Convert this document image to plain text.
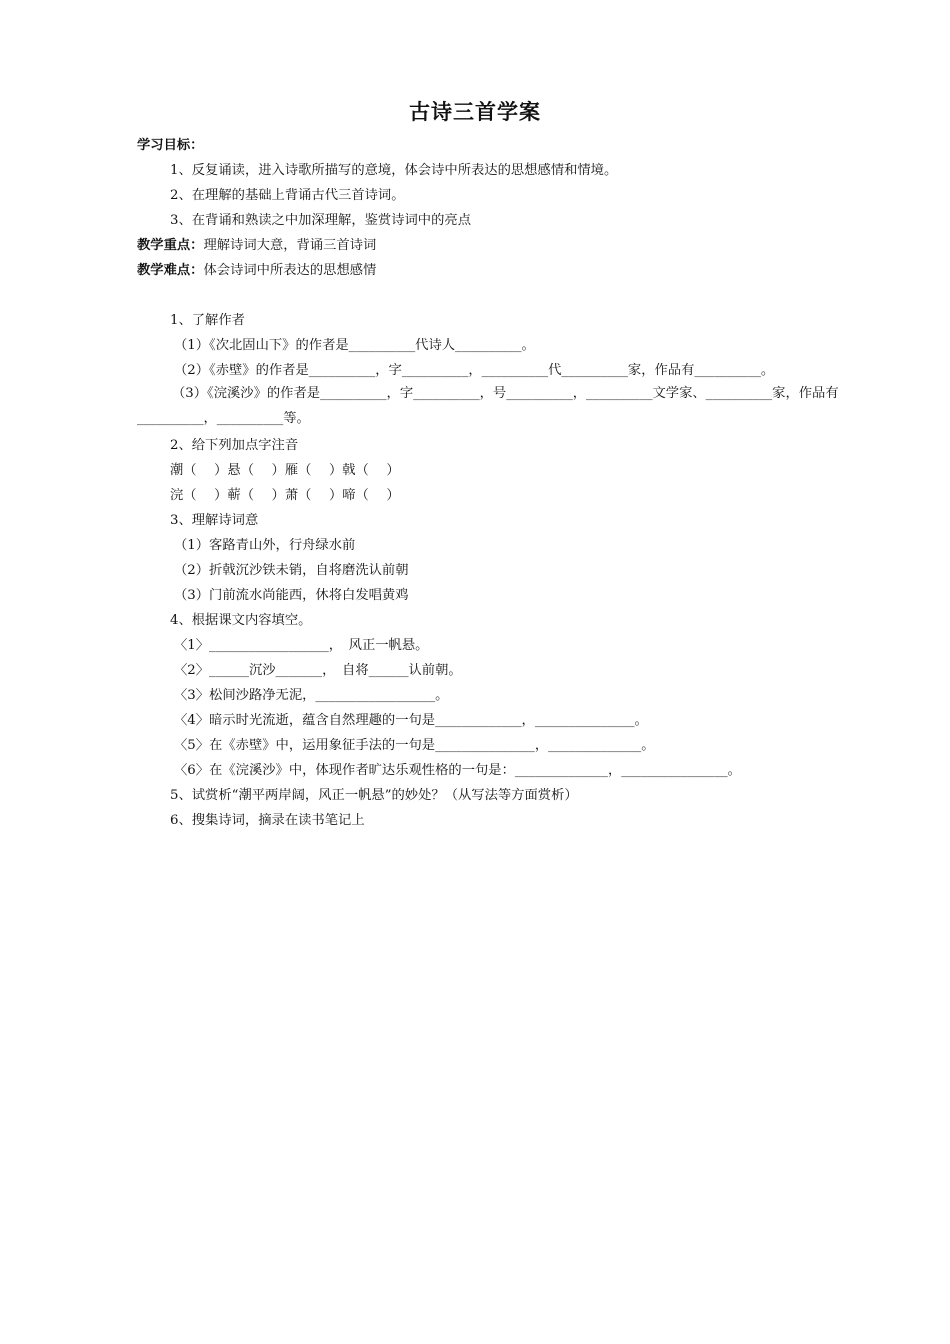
古诗三首学案
学习目标：
1、反复诵读，进入诗歌所描写的意境，体会诗中所表达的思想感情和情境。
2、在理解的基础上背诵古代三首诗词。
3、在背诵和熟读之中加深理解，鉴赏诗词中的亮点
教学重点：理解诗词大意，背诵三首诗词
教学难点：体会诗词中所表达的思想感情
1、了解作者
（1）《次北固山下》的作者是__________代诗人__________。
（2）《赤壁》的作者是__________，字__________，__________代__________家，作品有__________。
（3）《浣溪沙》的作者是__________，字__________，号__________，__________文学家、__________家，作品有__________，__________等。
2、给下列加点字注音
潮（　 ）悬（　 ）雁（　 ）戟（　 ）
浣（　 ）蕲（　 ）萧（　 ）啼（　 ）
3、理解诗词意
（1）客路青山外，行舟绿水前
（2）折戟沉沙铁未销，自将磨洗认前朝
（3）门前流水尚能西，休将白发唱黄鸡
4、根据课文内容填空。
〈1〉__________________，　风正一帆悬。
〈2〉______沉沙_______，　自将______认前朝。
〈3〉松间沙路净无泥，__________________。
〈4〉暗示时光流逝，蕴含自然理趣的一句是_____________，_______________。
〈5〉在《赤壁》中，运用象征手法的一句是_______________，______________。
〈6〉在《浣溪沙》中，体现作者旷达乐观性格的一句是：______________，________________。
5、试赏析“潮平两岸阔，风正一帆悬”的妙处？（从写法等方面赏析）
6、搜集诗词，摘录在读书笔记上
